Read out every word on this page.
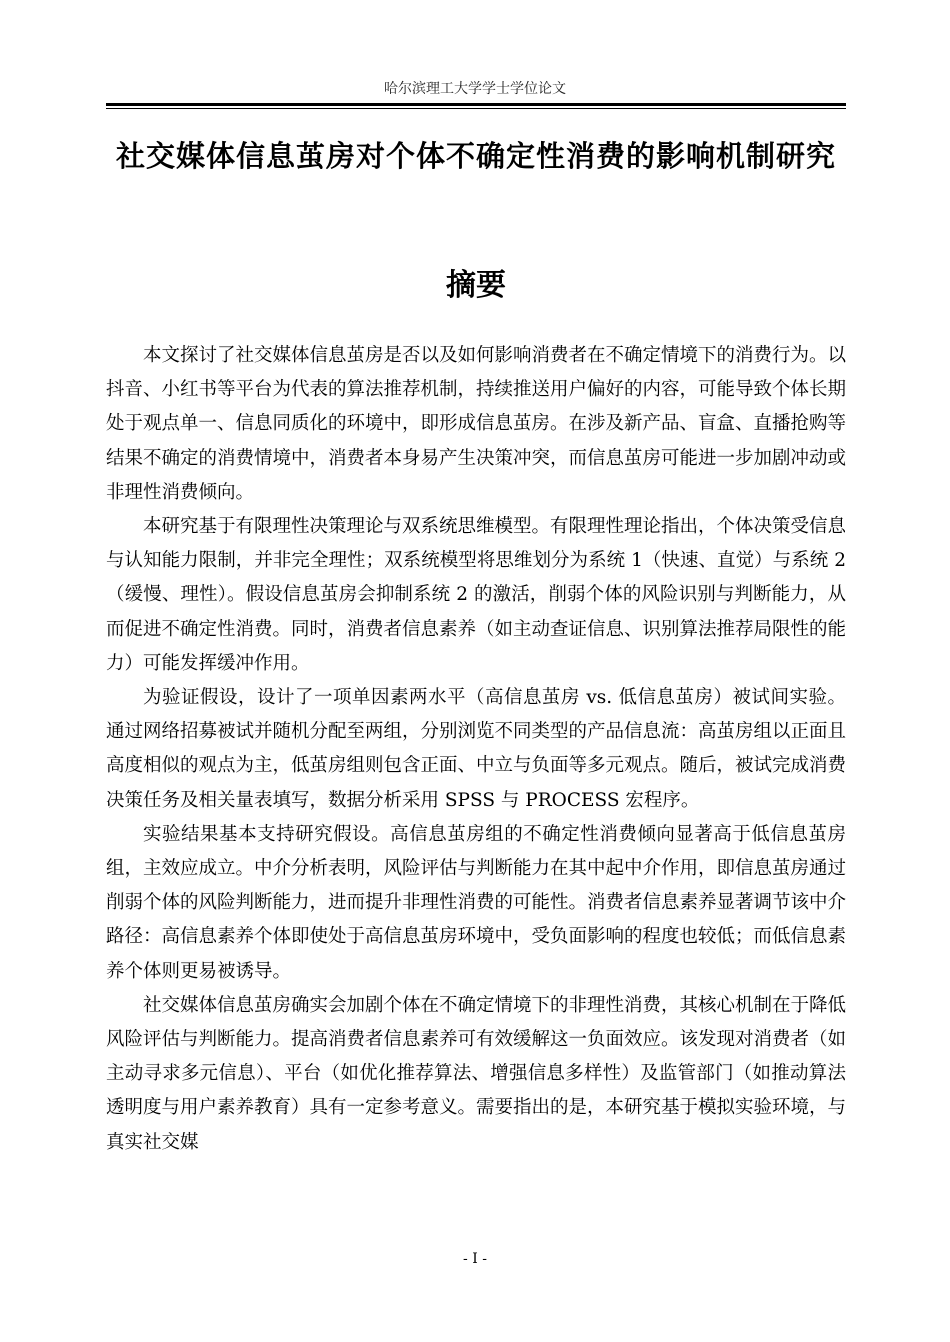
哈尔滨理工大学学士学位论文
社交媒体信息茧房对个体不确定性消费的影响机制研究
摘要

本文探讨了社交媒体信息茧房是否以及如何影响消费者在不确定情境下的消费行为。以抖音、小红书等平台为代表的算法推荐机制，持续推送用户偏好的内容，可能导致个体长期处于观点单一、信息同质化的环境中，即形成信息茧房。在涉及新产品、盲盒、直播抢购等结果不确定的消费情境中，消费者本身易产生决策冲突，而信息茧房可能进一步加剧冲动或非理性消费倾向。

本研究基于有限理性决策理论与双系统思维模型。有限理性理论指出，个体决策受信息与认知能力限制，并非完全理性；双系统模型将思维划分为系统 1（快速、直觉）与系统 2（缓慢、理性）。假设信息茧房会抑制系统 2 的激活，削弱个体的风险识别与判断能力，从而促进不确定性消费。同时，消费者信息素养（如主动查证信息、识别算法推荐局限性的能力）可能发挥缓冲作用。

为验证假设，设计了一项单因素两水平（高信息茧房 vs. 低信息茧房）被试间实验。通过网络招募被试并随机分配至两组，分别浏览不同类型的产品信息流：高茧房组以正面且高度相似的观点为主，低茧房组则包含正面、中立与负面等多元观点。随后，被试完成消费决策任务及相关量表填写，数据分析采用 SPSS 与 PROCESS 宏程序。

实验结果基本支持研究假设。高信息茧房组的不确定性消费倾向显著高于低信息茧房组，主效应成立。中介分析表明，风险评估与判断能力在其中起中介作用，即信息茧房通过削弱个体的风险判断能力，进而提升非理性消费的可能性。消费者信息素养显著调节该中介路径：高信息素养个体即使处于高信息茧房环境中，受负面影响的程度也较低；而低信息素养个体则更易被诱导。

社交媒体信息茧房确实会加剧个体在不确定情境下的非理性消费，其核心机制在于降低风险评估与判断能力。提高消费者信息素养可有效缓解这一负面效应。该发现对消费者（如主动寻求多元信息）、平台（如优化推荐算法、增强信息多样性）及监管部门（如推动算法透明度与用户素养教育）具有一定参考意义。需要指出的是，本研究基于模拟实验环境，与真实社交媒

- I -
